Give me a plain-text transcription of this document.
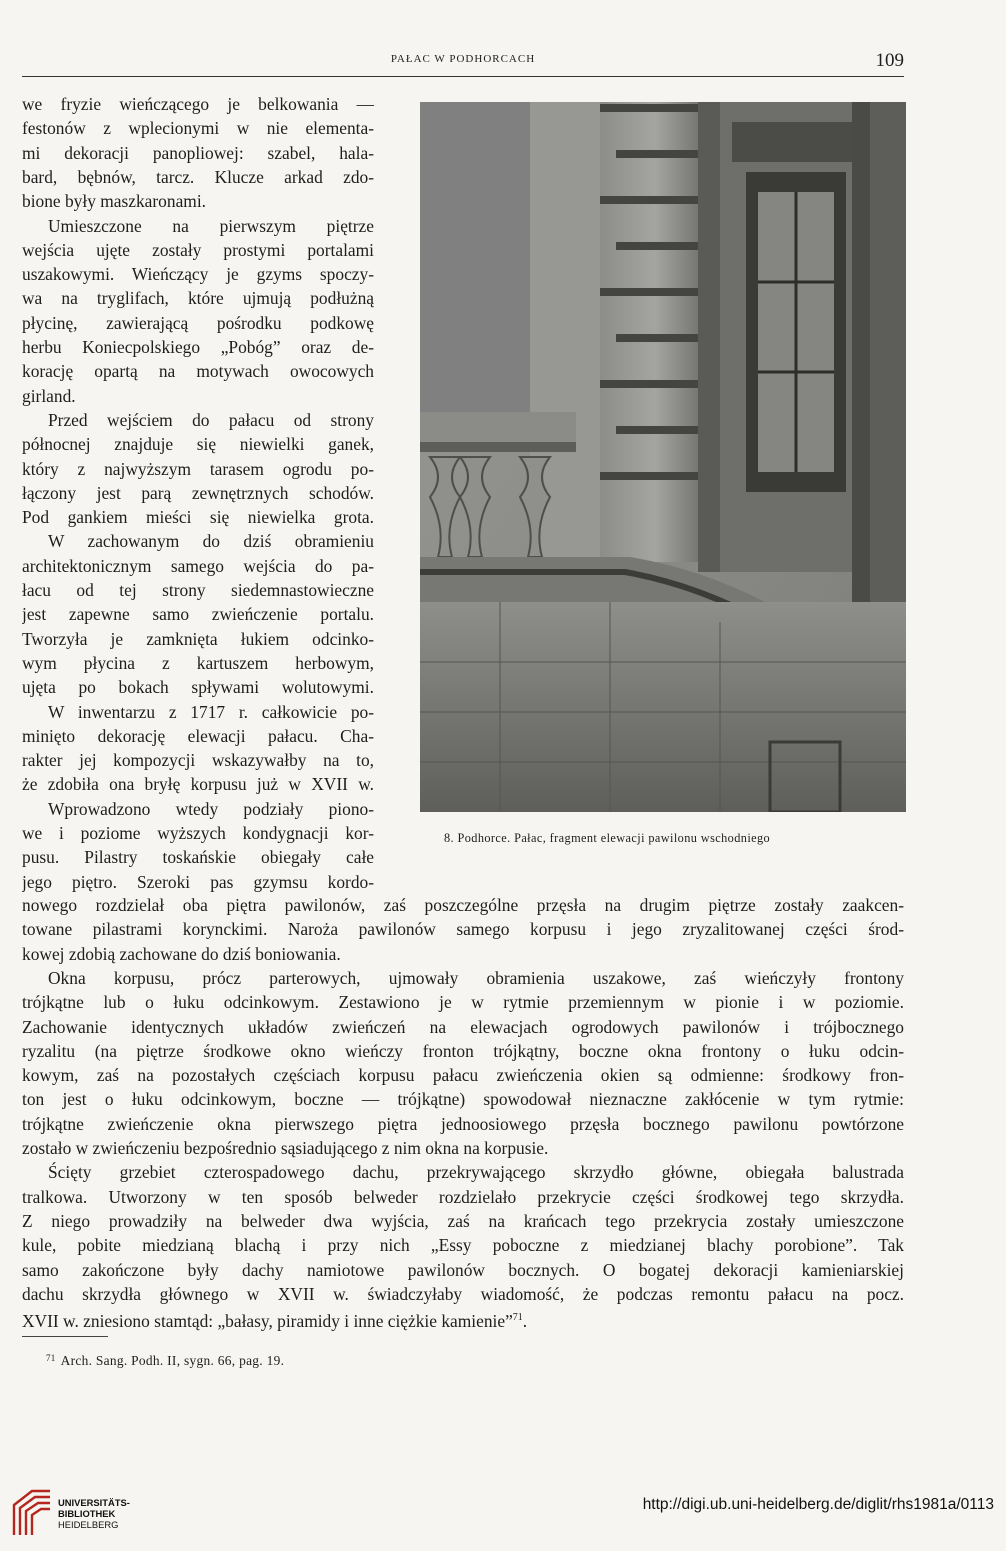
PAŁAC W PODHORCACH	109
we fryzie wieńczącego je belkowania —
festonów z wplecionymi w nie elementa-
mi dekoracji panopliowej: szabel, hala-
bard, bębnów, tarcz. Klucze arkad zdo-
bione były maszkaronami.
Umieszczone na pierwszym piętrze
wejścia ujęte zostały prostymi portalami
uszakowymi. Wieńczący je gzyms spoczy-
wa na tryglifach, które ujmują podłużną
płycinę, zawierającą pośrodku podkowę
herbu Koniecpolskiego „Pobóg” oraz de-
korację opartą na motywach owocowych
girland.
Przed wejściem do pałacu od strony
północnej znajduje się niewielki ganek,
który z najwyższym tarasem ogrodu po-
łączony jest parą zewnętrznych schodów.
Pod gankiem mieści się niewielka grota.
W zachowanym do dziś obramieniu
architektonicznym samego wejścia do pa-
łacu od tej strony siedemnastowieczne
jest zapewne samo zwieńczenie portalu.
Tworzyła je zamknięta łukiem odcinko-
wym płycina z kartuszem herbowym,
ujęta po bokach spływami wolutowymi.
W inwentarzu z 1717 r. całkowicie po-
minięto dekorację elewacji pałacu. Cha-
rakter jej kompozycji wskazywałby na to,
że zdobiła ona bryłę korpusu już w XVII w.
Wprowadzono wtedy podziały piono-
we i poziome wyższych kondygnacji kor-
pusu. Pilastry toskańskie obiegały całe
jego piętro. Szeroki pas gzymsu kordo-
8. Podhorce. Pałac, fragment elewacji pawilonu wschodniego
nowego rozdzielał oba piętra pawilonów, zaś poszczególne przęsła na drugim piętrze zostały zaakcen-
towane pilastrami korynckimi. Naroża pawilonów samego korpusu i jego zryzalitowanej części środ-
kowej zdobią zachowane do dziś boniowania.
Okna korpusu, prócz parterowych, ujmowały obramienia uszakowe, zaś wieńczyły frontony
trójkątne lub o łuku odcinkowym. Zestawiono je w rytmie przemiennym w pionie i w poziomie.
Zachowanie identycznych układów zwieńczeń na elewacjach ogrodowych pawilonów i trójbocznego
ryzalitu (na piętrze środkowe okno wieńczy fronton trójkątny, boczne okna frontony o łuku odcin-
kowym, zaś na pozostałych częściach korpusu pałacu zwieńczenia okien są odmienne: środkowy fron-
ton jest o łuku odcinkowym, boczne — trójkątne) spowodował nieznaczne zakłócenie w tym rytmie:
trójkątne zwieńczenie okna pierwszego piętra jednoosiowego przęsła bocznego pawilonu powtórzone
zostało w zwieńczeniu bezpośrednio sąsiadującego z nim okna na korpusie.
Ścięty grzebiet czterospadowego dachu, przekrywającego skrzydło główne, obiegała balustrada
tralkowa. Utworzony w ten sposób belweder rozdzielało przekrycie części środkowej tego skrzydła.
Z niego prowadziły na belweder dwa wyjścia, zaś na krańcach tego przekrycia zostały umieszczone
kule, pobite miedzianą blachą i przy nich „Essy poboczne z miedzianej blachy porobione”. Tak
samo zakończone były dachy namiotowe pawilonów bocznych. O bogatej dekoracji kamieniarskiej
dachu skrzydła głównego w XVII w. świadczyłaby wiadomość, że podczas remontu pałacu na pocz.
XVII w. zniesiono stamtąd: „bałasy, piramidy i inne ciężkie kamienie”$^{71}$.
$^{71}$ Arch. Sang. Podh. II, sygn. 66, pag. 19.
UNIVERSITÄTS-
BIBLIOTHEK
HEIDELBERG
http://digi.ub.uni-heidelberg.de/diglit/rhs1981a/0113
